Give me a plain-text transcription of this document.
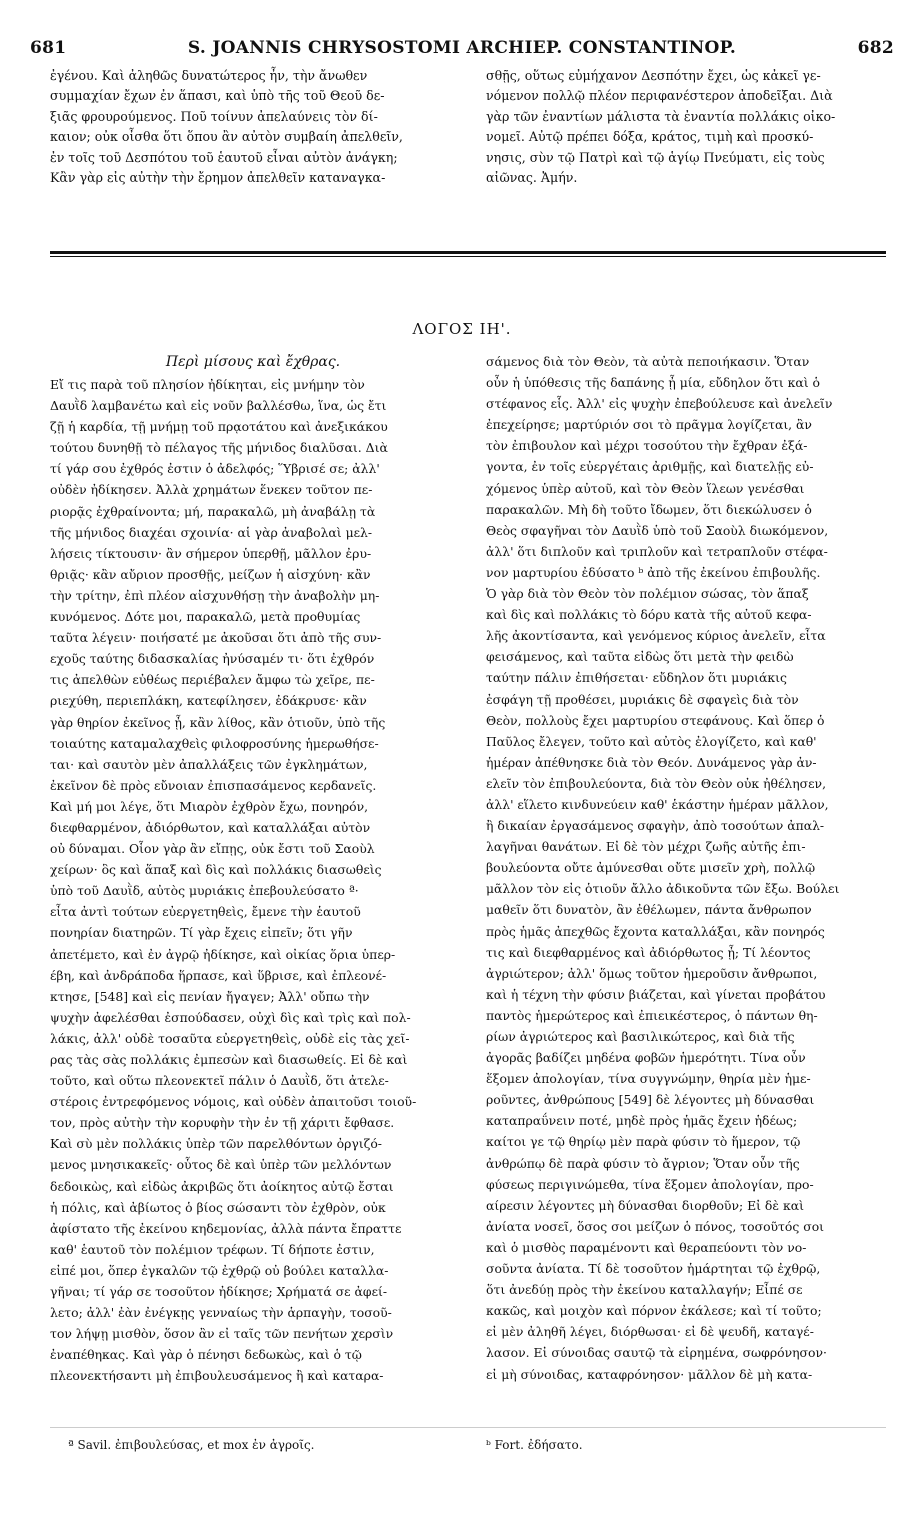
681	S. JOANNIS CHRYSOSTOMI ARCHIEP. CONSTANTINOP.	682
ἐγένου. Καὶ ἀληθῶς δυνατώτερος ἦν, τὴν ἄνωθεν
συμμαχίαν ἔχων ἐν ἅπασι, καὶ ὑπὸ τῆς τοῦ Θεοῦ δε-
ξιᾶς φρουρούμενος. Ποῦ τοίνυν ἀπελαύνεις τὸν δί-
καιον; οὐκ οἶσθα ὅτι ὅπου ἂν αὐτὸν συμβαίη ἀπελθεῖν,
ἐν τοῖς τοῦ Δεσπότου τοῦ ἑαυτοῦ εἶναι αὐτὸν ἀνάγκη;
Κἂν γὰρ εἰς αὐτὴν τὴν ἔρημον ἀπελθεῖν καταναγκα-
σθῇς, οὕτως εὐμήχανον Δεσπότην ἔχει, ὡς κἀκεῖ γε-
νόμενον πολλῷ πλέον περιφανέστερον ἀποδεῖξαι. Διὰ
γὰρ τῶν ἐναντίων μάλιστα τὰ ἐναντία πολλάκις οἰκο-
νομεῖ. Αὐτῷ πρέπει δόξα, κράτος, τιμὴ καὶ προσκύ-
νησις, σὺν τῷ Πατρὶ καὶ τῷ ἁγίῳ Πνεύματι, εἰς τοὺς
αἰῶνας. Ἀμήν.
ΛΟΓΟΣ ΙΗ'.
Περὶ μίσους καὶ ἔχθρας.
Εἴ τις παρὰ τοῦ πλησίον ἠδίκηται, εἰς μνήμην τὸν
Δαυῒδ λαμβανέτω καὶ εἰς νοῦν βαλλέσθω, ἵνα, ὡς ἔτι
ζῇ ἡ καρδία, τῇ μνήμῃ τοῦ πρᾳοτάτου καὶ ἀνεξικάκου
τούτου δυνηθῇ τὸ πέλαγος τῆς μήνιδος διαλῦσαι. Διὰ
τί γάρ σου ἐχθρός ἐστιν ὁ ἀδελφός; Ὕβρισέ σε; ἀλλ'
οὐδὲν ἠδίκησεν. Ἀλλὰ χρημάτων ἕνεκεν τοῦτον πε-
ριορᾷς ἐχθραίνοντα; μή, παρακαλῶ, μὴ ἀναβάλῃ τὰ
τῆς μήνιδος διαχέαι σχοινία· αἱ γὰρ ἀναβολαὶ μελ-
λήσεις τίκτουσιν· ἂν σήμερον ὑπερθῇ, μᾶλλον ἐρυ-
θριᾷς· κἂν αὔριον προσθῇς, μείζων ἡ αἰσχύνη· κἂν
τὴν τρίτην, ἐπὶ πλέον αἰσχυνθήσῃ τὴν ἀναβολὴν μη-
κυνόμενος. Δότε μοι, παρακαλῶ, μετὰ προθυμίας
ταῦτα λέγειν· ποιήσατέ με ἀκοῦσαι ὅτι ἀπὸ τῆς συν-
εχοῦς ταύτης διδασκαλίας ἠνύσαμέν τι· ὅτι ἐχθρόν
τις ἀπελθὼν εὐθέως περιέβαλεν ἄμφω τὼ χεῖρε, πε-
ριεχύθη, περιεπλάκη, κατεφίλησεν, ἐδάκρυσε· κἂν
γὰρ θηρίον ἐκεῖνος ᾖ, κἂν λίθος, κἂν ὁτιοῦν, ὑπὸ τῆς
τοιαύτης καταμαλαχθεὶς φιλοφροσύνης ἡμερωθήσε-
ται· καὶ σαυτὸν μὲν ἀπαλλάξεις τῶν ἐγκλημάτων,
ἐκεῖνον δὲ πρὸς εὔνοιαν ἐπισπασάμενος κερδανεῖς.
Καὶ μή μοι λέγε, ὅτι Μιαρὸν ἐχθρὸν ἔχω, πονηρόν,
διεφθαρμένον, ἀδιόρθωτον, καὶ καταλλάξαι αὐτὸν
οὐ δύναμαι. Οἷον γὰρ ἂν εἴπῃς, οὐκ ἔστι τοῦ Σαοὺλ
χείρων· ὃς καὶ ἅπαξ καὶ δὶς καὶ πολλάκις διασωθεὶς
ὑπὸ τοῦ Δαυῒδ, αὐτὸς μυριάκις ἐπεβουλεύσατο ª·
εἶτα ἀντὶ τούτων εὐεργετηθεὶς, ἔμενε τὴν ἑαυτοῦ
πονηρίαν διατηρῶν. Τί γὰρ ἔχεις εἰπεῖν; ὅτι γῆν
ἀπετέμετο, καὶ ἐν ἀγρῷ ἠδίκησε, καὶ οἰκίας ὅρια ὑπερ-
έβη, καὶ ἀνδράποδα ἥρπασε, καὶ ὕβρισε, καὶ ἐπλεονέ-
κτησε, [548] καὶ εἰς πενίαν ἤγαγεν; Ἀλλ' οὔπω τὴν
ψυχὴν ἀφελέσθαι ἐσπούδασεν, οὐχὶ δὶς καὶ τρὶς καὶ πολ-
λάκις, ἀλλ' οὐδὲ τοσαῦτα εὐεργετηθεὶς, οὐδὲ εἰς τὰς χεῖ-
ρας τὰς σὰς πολλάκις ἐμπεσὼν καὶ διασωθείς. Εἰ δὲ καὶ
τοῦτο, καὶ οὕτω πλεονεκτεῖ πάλιν ὁ Δαυῒδ, ὅτι ἀτελε-
στέροις ἐντρεφόμενος νόμοις, καὶ οὐδὲν ἀπαιτοῦσι τοιοῦ-
τον, πρὸς αὐτὴν τὴν κορυφὴν τὴν ἐν τῇ χάριτι ἔφθασε.
Καὶ σὺ μὲν πολλάκις ὑπὲρ τῶν παρελθόντων ὀργιζό-
μενος μνησικακεῖς· οὗτος δὲ καὶ ὑπὲρ τῶν μελλόντων
δεδοικὼς, καὶ εἰδὼς ἀκριβῶς ὅτι ἀοίκητος αὐτῷ ἔσται
ἡ πόλις, καὶ ἀβίωτος ὁ βίος σώσαντι τὸν ἐχθρὸν, οὐκ
ἀφίστατο τῆς ἐκείνου κηδεμονίας, ἀλλὰ πάντα ἔπραττε
καθ' ἑαυτοῦ τὸν πολέμιον τρέφων. Τί δήποτε ἐστιν,
εἰπέ μοι, ὅπερ ἐγκαλῶν τῷ ἐχθρῷ οὐ βούλει καταλλα-
γῆναι; τί γάρ σε τοσοῦτον ἠδίκησε; Χρήματά σε ἀφεί-
λετο; ἀλλ' ἐὰν ἐνέγκῃς γενναίως τὴν ἁρπαγὴν, τοσοῦ-
τον λήψῃ μισθὸν, ὅσον ἂν εἰ ταῖς τῶν πενήτων χερσὶν
ἐναπέθηκας. Καὶ γὰρ ὁ πένησι δεδωκὼς, καὶ ὁ τῷ
πλεονεκτήσαντι μὴ ἐπιβουλευσάμενος ἢ καὶ καταρα-
σάμενος διὰ τὸν Θεὸν, τὰ αὐτὰ πεποιήκασιν. Ὅταν
οὖν ἡ ὑπόθεσις τῆς δαπάνης ᾖ μία, εὔδηλον ὅτι καὶ ὁ
στέφανος εἷς. Ἀλλ' εἰς ψυχὴν ἐπεβούλευσε καὶ ἀνελεῖν
ἐπεχείρησε; μαρτύριόν σοι τὸ πρᾶγμα λογίζεται, ἂν
τὸν ἐπιβουλον καὶ μέχρι τοσούτου τὴν ἔχθραν ἐξά-
γοντα, ἐν τοῖς εὐεργέταις ἀριθμῇς, καὶ διατελῇς εὐ-
χόμενος ὑπὲρ αὐτοῦ, καὶ τὸν Θεὸν ἵλεων γενέσθαι
παρακαλῶν. Μὴ δὴ τοῦτο ἴδωμεν, ὅτι διεκώλυσεν ὁ
Θεὸς σφαγῆναι τὸν Δαυῒδ ὑπὸ τοῦ Σαοὺλ διωκόμενον,
ἀλλ' ὅτι διπλοῦν καὶ τριπλοῦν καὶ τετραπλοῦν στέφα-
νον μαρτυρίου ἐδύσατο ᵇ ἀπὸ τῆς ἐκείνου ἐπιβουλῆς.
Ὁ γὰρ διὰ τὸν Θεὸν τὸν πολέμιον σώσας, τὸν ἅπαξ
καὶ δὶς καὶ πολλάκις τὸ δόρυ κατὰ τῆς αὐτοῦ κεφα-
λῆς ἀκοντίσαντα, καὶ γενόμενος κύριος ἀνελεῖν, εἶτα
φεισάμενος, καὶ ταῦτα εἰδὼς ὅτι μετὰ τὴν φειδὼ
ταύτην πάλιν ἐπιθήσεται· εὔδηλον ὅτι μυριάκις
ἐσφάγη τῇ προθέσει, μυριάκις δὲ σφαγεὶς διὰ τὸν
Θεὸν, πολλοὺς ἔχει μαρτυρίου στεφάνους. Καὶ ὅπερ ὁ
Παῦλος ἔλεγεν, τοῦτο καὶ αὐτὸς ἐλογίζετο, καὶ καθ'
ἡμέραν ἀπέθνησκε διὰ τὸν Θεόν. Δυνάμενος γὰρ ἀν-
ελεῖν τὸν ἐπιβουλεύοντα, διὰ τὸν Θεὸν οὐκ ἠθέλησεν,
ἀλλ' εἵλετο κινδυνεύειν καθ' ἑκάστην ἡμέραν μᾶλλον,
ἢ δικαίαν ἐργασάμενος σφαγὴν, ἀπὸ τοσούτων ἀπαλ-
λαγῆναι θανάτων. Εἰ δὲ τὸν μέχρι ζωῆς αὐτῆς ἐπι-
βουλεύοντα οὔτε ἀμύνεσθαι οὔτε μισεῖν χρὴ, πολλῷ
μᾶλλον τὸν εἰς ὁτιοῦν ἄλλο ἀδικοῦντα τῶν ἔξω. Βούλει
μαθεῖν ὅτι δυνατὸν, ἂν ἐθέλωμεν, πάντα ἄνθρωπον
πρὸς ἡμᾶς ἀπεχθῶς ἔχοντα καταλλάξαι, κἂν πονηρός
τις καὶ διεφθαρμένος καὶ ἀδιόρθωτος ᾖ; Τί λέοντος
ἀγριώτερον; ἀλλ' ὅμως τοῦτον ἡμεροῦσιν ἄνθρωποι,
καὶ ἡ τέχνη τὴν φύσιν βιάζεται, καὶ γίνεται προβάτου
παντὸς ἡμερώτερος καὶ ἐπιεικέστερος, ὁ πάντων θη-
ρίων ἀγριώτερος καὶ βασιλικώτερος, καὶ διὰ τῆς
ἀγορᾶς βαδίζει μηδένα φοβῶν ἡμερότητι. Τίνα οὖν
ἕξομεν ἀπολογίαν, τίνα συγγνώμην, θηρία μὲν ἡμε-
ροῦντες, ἀνθρώπους [549] δὲ λέγοντες μὴ δύνασθαι
καταπραΰνειν ποτέ, μηδὲ πρὸς ἡμᾶς ἔχειν ἡδέως;
καίτοι γε τῷ θηρίῳ μὲν παρὰ φύσιν τὸ ἥμερον, τῷ
ἀνθρώπῳ δὲ παρὰ φύσιν τὸ ἄγριον; Ὅταν οὖν τῆς
φύσεως περιγινώμεθα, τίνα ἕξομεν ἀπολογίαν, προ-
αίρεσιν λέγοντες μὴ δύνασθαι διορθοῦν; Εἰ δὲ καὶ
ἀνίατα νοσεῖ, ὅσος σοι μείζων ὁ πόνος, τοσοῦτός σοι
καὶ ὁ μισθὸς παραμένοντι καὶ θεραπεύοντι τὸν νο-
σοῦντα ἀνίατα. Τί δὲ τοσοῦτον ἡμάρτηται τῷ ἐχθρῷ,
ὅτι ἀνεδύῃ πρὸς τὴν ἐκείνου καταλλαγήν; Εἶπέ σε
κακῶς, καὶ μοιχὸν καὶ πόρνον ἐκάλεσε; καὶ τί τοῦτο;
εἰ μὲν ἀληθῆ λέγει, διόρθωσαι· εἰ δὲ ψευδῆ, καταγέ-
λασον. Εἰ σύνοιδας σαυτῷ τὰ εἰρημένα, σωφρόνησον·
εἰ μὴ σύνοιδας, καταφρόνησον· μᾶλλον δὲ μὴ κατα-
ª Savil. ἐπιβουλεύσας, et mox ἐν ἀγροῖς.	ᵇ Fort. ἐδήσατο.
